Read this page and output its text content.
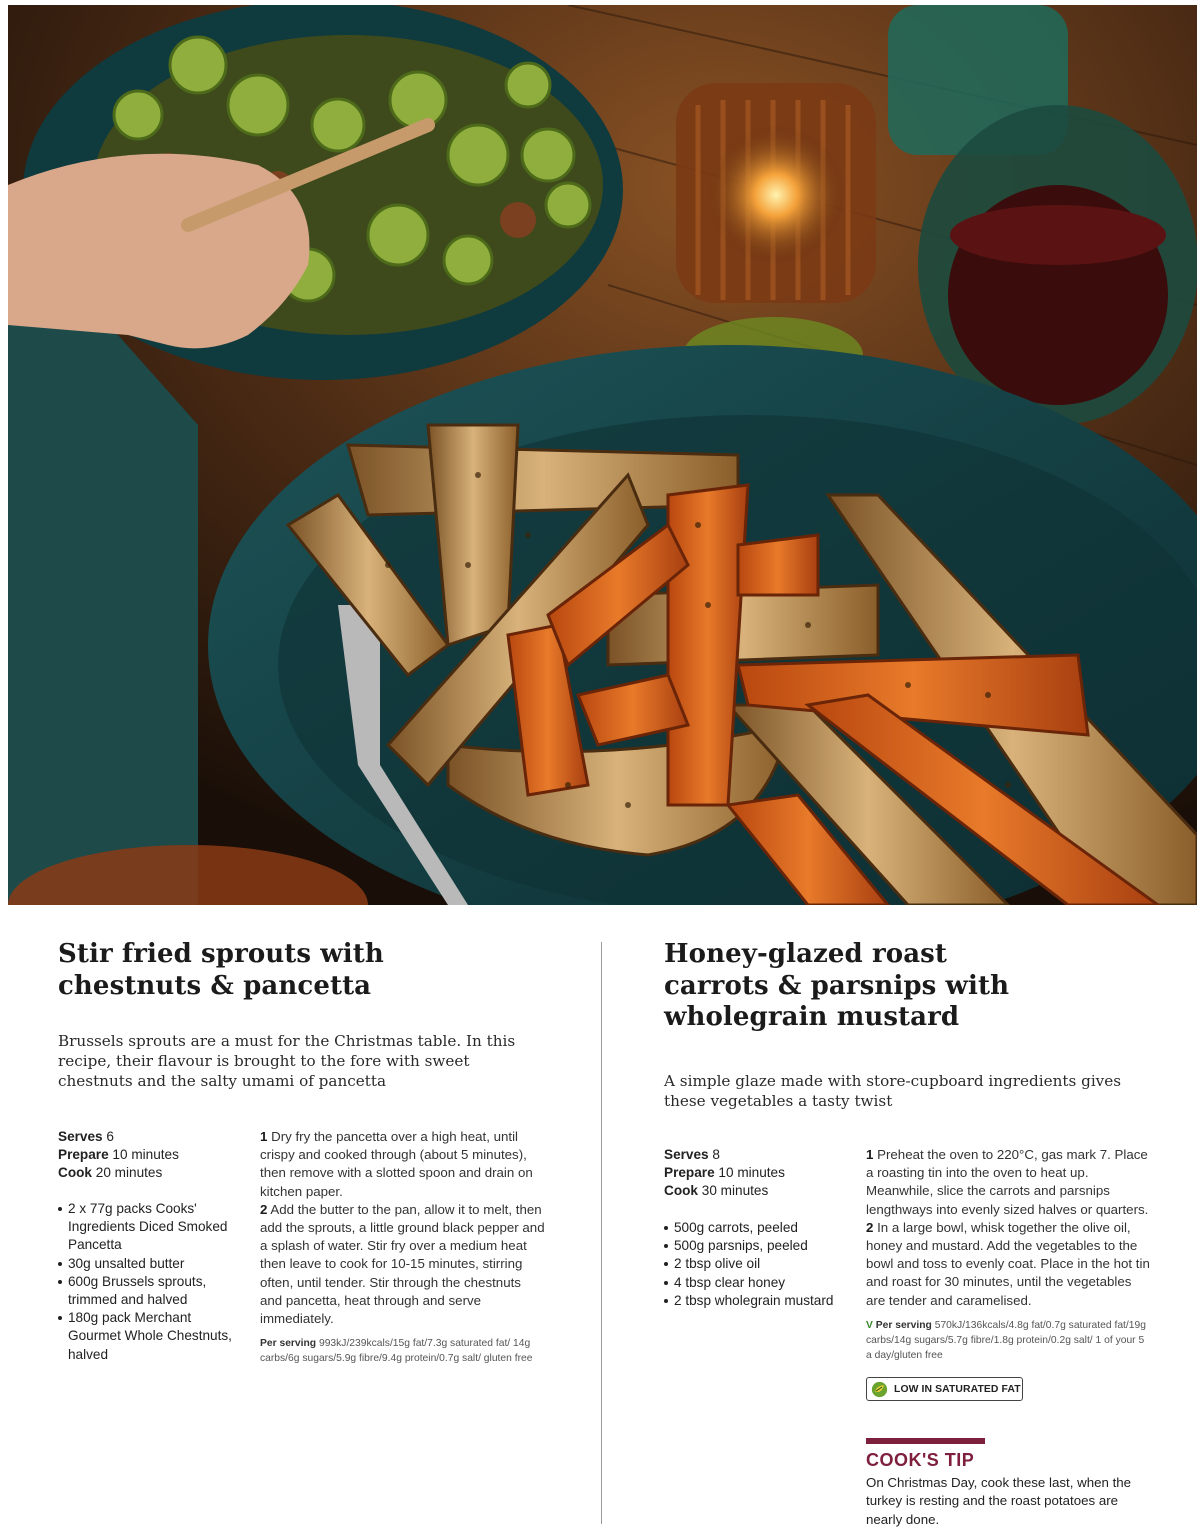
Stir fried sprouts with chestnuts & pancetta

Brussels sprouts are a must for the Christmas table. In this recipe, their flavour is brought to the fore with sweet chestnuts and the salty umami of pancetta

Serves 6
Prepare 10 minutes
Cook 20 minutes
2 x 77g packs Cooks' Ingredients Diced Smoked Pancetta
30g unsalted butter
600g Brussels sprouts, trimmed and halved
180g pack Merchant Gourmet Whole Chestnuts, halved
1 Dry fry the pancetta over a high heat, until crispy and cooked through (about 5 minutes), then remove with a slotted spoon and drain on kitchen paper.
2 Add the butter to the pan, allow it to melt, then add the sprouts, a little ground black pepper and a splash of water. Stir fry over a medium heat then leave to cook for 10-15 minutes, stirring often, until tender. Stir through the chestnuts and pancetta, heat through and serve immediately.
Per serving 993kJ/239kcals/15g fat/7.3g saturated fat/ 14g carbs/6g sugars/5.9g fibre/9.4g protein/0.7g salt/ gluten free
Honey-glazed roast carrots & parsnips with wholegrain mustard

A simple glaze made with store-cupboard ingredients gives these vegetables a tasty twist

Serves 8
Prepare 10 minutes
Cook 30 minutes
500g carrots, peeled
500g parsnips, peeled
2 tbsp olive oil
4 tbsp clear honey
2 tbsp wholegrain mustard
1 Preheat the oven to 220°C, gas mark 7. Place a roasting tin into the oven to heat up. Meanwhile, slice the carrots and parsnips lengthways into evenly sized halves or quarters.
2 In a large bowl, whisk together the olive oil, honey and mustard. Add the vegetables to the bowl and toss to evenly coat. Place in the hot tin and roast for 30 minutes, until the vegetables are tender and caramelised.
V Per serving 570kJ/136kcals/4.8g fat/0.7g saturated fat/19g carbs/14g sugars/5.7g fibre/1.8g protein/0.2g salt/ 1 of your 5 a day/gluten free
LOW IN SATURATED FAT
COOK'S TIP
On Christmas Day, cook these last, when the turkey is resting and the roast potatoes are nearly done.
